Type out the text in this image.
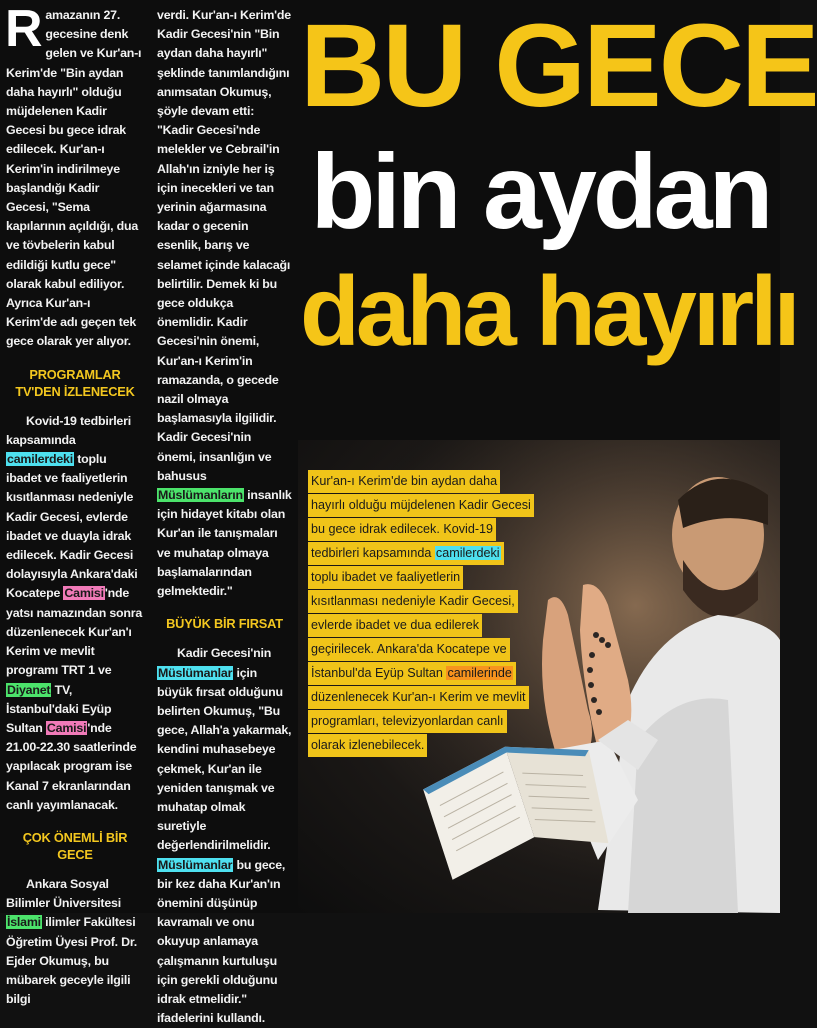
R amazanın 27. gecesine denk gelen ve Kur'an-ı Kerim'de "Bin aydan daha hayırlı" olduğu müjdelenen Kadir Gecesi bu gece idrak edilecek. Kur'an-ı Kerim'in indirilmeye başlandığı Kadir Gecesi, "Sema kapılarının açıldığı, dua ve tövbelerin kabul edildiği kutlu gece" olarak kabul ediliyor. Ayrıca Kur'an-ı Kerim'de adı geçen tek gece olarak yer alıyor.

PROGRAMLAR TV'DEN İZLENECEK

Kovid-19 tedbirleri kapsamında camilerdeki toplu ibadet ve faaliyetlerin kısıtlanması nedeniyle Kadir Gecesi, evlerde ibadet ve duayla idrak edilecek. Kadir Gecesi dolayısıyla Ankara'daki Kocatepe Camisi'nde yatsı namazından sonra düzenlenecek Kur'an'ı Kerim ve mevlit programı TRT 1 ve Diyanet TV, İstanbul'daki Eyüp Sultan Camisi'nde 21.00-22.30 saatlerinde yapılacak program ise Kanal 7 ekranlarından canlı yayımlanacak.

ÇOK ÖNEMLİ BİR GECE

Ankara Sosyal Bilimler Üniversitesi İslami ilimler Fakültesi Öğretim Üyesi Prof. Dr. Ejder Okumuş, bu mübarek geceyle ilgili bilgi

verdi. Kur'an-ı Kerim'de Kadir Gecesi'nin "Bin aydan daha hayırlı" şeklinde tanımlandığını anımsatan Okumuş, şöyle devam etti: "Kadir Gecesi'nde melekler ve Cebrail'in Allah'ın izniyle her iş için inecekleri ve tan yerinin ağarmasına kadar o gecenin esenlik, barış ve selamet içinde kalacağı belirtilir. Demek ki bu gece oldukça önemlidir. Kadir Gecesi'nin önemi, Kur'an-ı Kerim'in ramazanda, o gecede nazil olmaya başlamasıyla ilgilidir. Kadir Gecesi'nin önemi, insanlığın ve bahusus Müslümanların insanlık için hidayet kitabı olan Kur'an ile tanışmaları ve muhatap olmaya başlamalarından gelmektedir."

BÜYÜK BİR FIRSAT

Kadir Gecesi'nin Müslümanlar için büyük fırsat olduğunu belirten Okumuş, "Bu gece, Allah'a yakarmak, kendini muhasebeye çekmek, Kur'an ile yeniden tanışmak ve muhatap olmak suretiyle değerlendirilmelidir. Müslümanlar bu gece, bir kez daha Kur'an'ın önemini düşünüp kavramalı ve onu okuyup anlamaya çalışmanın kurtuluşu için gerekli olduğunu idrak etmelidir." ifadelerini kullandı.

BU GECE
bin aydan
daha hayırlı
Kur'an-ı Kerim'de bin aydan daha
hayırlı olduğu müjdelenen Kadir Gecesi
bu gece idrak edilecek. Kovid-19
tedbirleri kapsamında camilerdeki
toplu ibadet ve faaliyetlerin
kısıtlanması nedeniyle Kadir Gecesi,
evlerde ibadet ve dua edilerek
geçirilecek. Ankara'da Kocatepe ve
İstanbul'da Eyüp Sultan camilerinde
düzenlenecek Kur'an-ı Kerim ve mevlit
programları, televizyonlardan canlı
olarak izlenebilecek.
